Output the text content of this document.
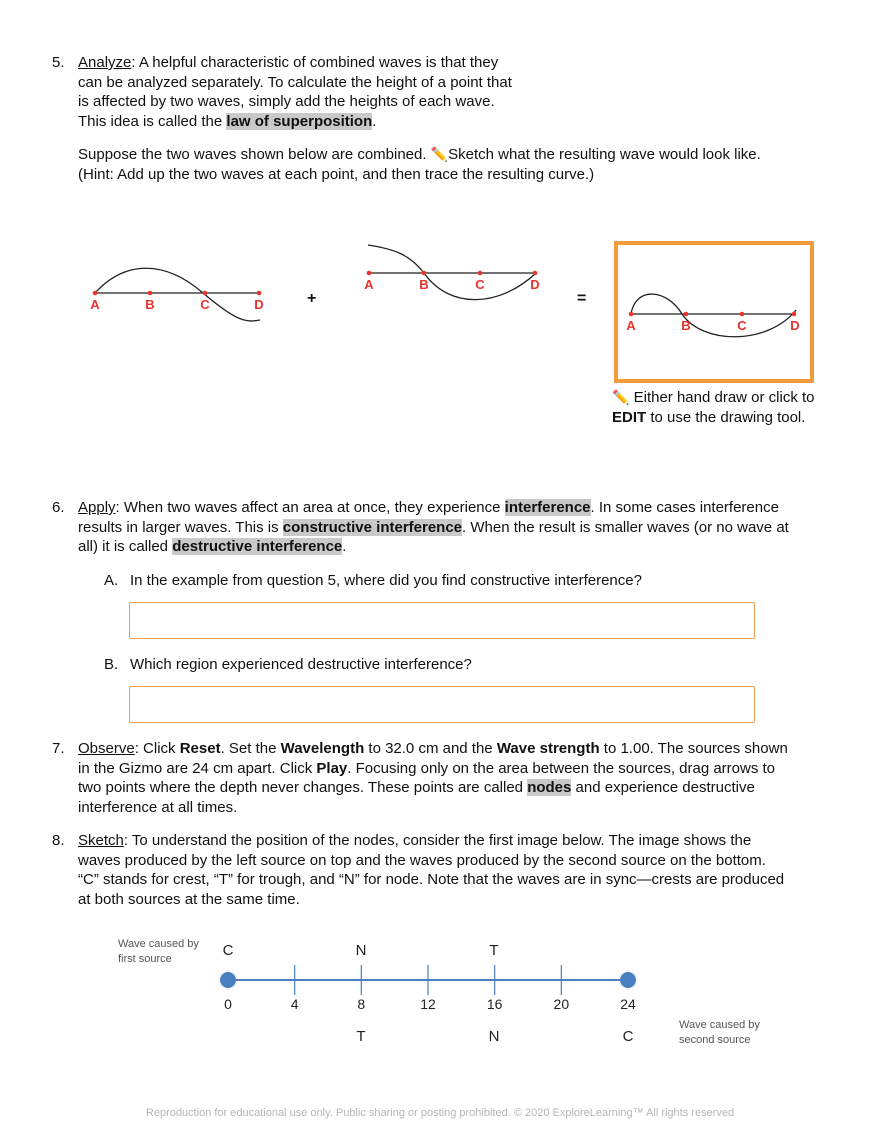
5. Analyze: A helpful characteristic of combined waves is that they
can be analyzed separately. To calculate the height of a point that
is affected by two waves, simply add the heights of each wave.
This idea is called the law of superposition.
Suppose the two waves shown below are combined. ✏️Sketch what the resulting wave would look like.
(Hint: Add up the two waves at each point, and then trace the resulting curve.)
A	B	C	D	+
A	B	C	D
=
A	B	C	D
✏️ Either hand draw or click to
EDIT to use the drawing tool.
6. Apply: When two waves affect an area at once, they experience interference. In some cases interference
results in larger waves. This is constructive interference. When the result is smaller waves (or no wave at
all) it is called destructive interference.
A. In the example from question 5, where did you find constructive interference?
B. Which region experienced destructive interference?
7. Observe: Click Reset. Set the Wavelength to 32.0 cm and the Wave strength to 1.00. The sources shown
in the Gizmo are 24 cm apart. Click Play. Focusing only on the area between the sources, drag arrows to
two points where the depth never changes. These points are called nodes and experience destructive
interference at all times.
8. Sketch: To understand the position of the nodes, consider the first image below. The image shows the
waves produced by the left source on top and the waves produced by the second source on the bottom.
“C” stands for crest, “T” for trough, and “N” for node. Note that the waves are in sync—crests are produced
at both sources at the same time.
Wave caused by
first source
Wave caused by
second source
0	4	8	12	16	20	24
C	N	T
T	N	C
Reproduction for educational use only. Public sharing or posting prohibited. © 2020 ExploreLearning™ All rights reserved
